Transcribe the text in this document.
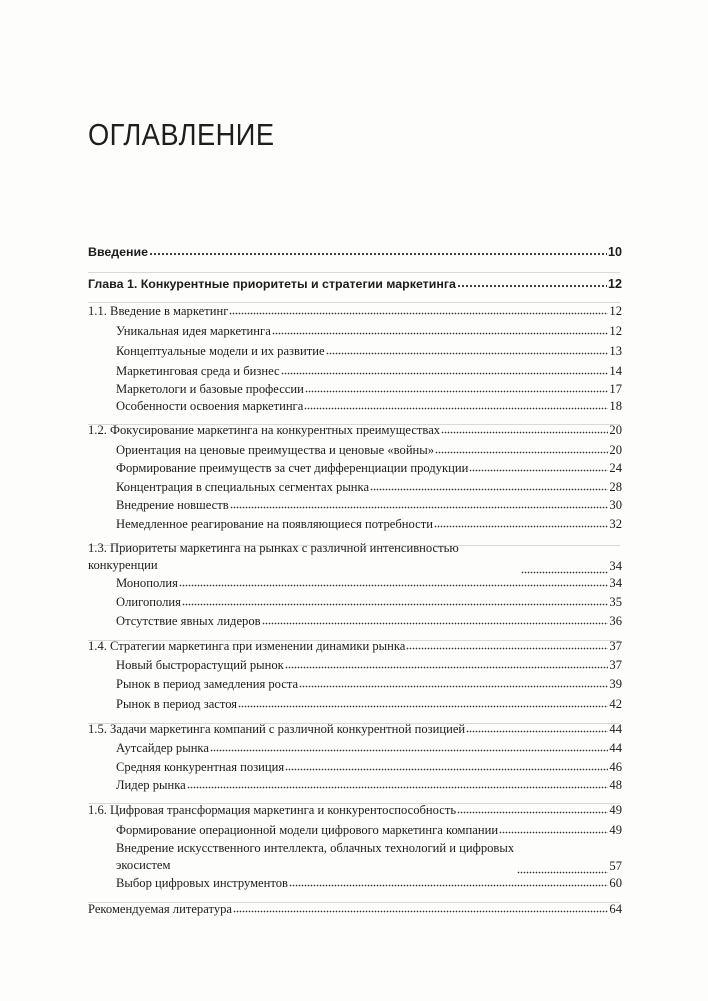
ОГЛАВЛЕНИЕ
Введение	10
Глава 1. Конкурентные приоритеты и стратегии маркетинга	12
1.1. Введение в маркетинг	12
Уникальная идея маркетинга	12
Концептуальные модели и их развитие	13
Маркетинговая среда и бизнес	14
Маркетологи и базовые профессии	17
Особенности освоения маркетинга	18
1.2. Фокусирование маркетинга на конкурентных преимуществах	20
Ориентация на ценовые преимущества и ценовые «войны»	20
Формирование преимуществ за счет дифференциации продукции	24
Концентрация в специальных сегментах рынка	28
Внедрение новшеств	30
Немедленное реагирование на появляющиеся потребности	32
1.3. Приоритеты маркетинга на рынках с различной интенсивностью конкуренции	34
Монополия	34
Олигополия	35
Отсутствие явных лидеров	36
1.4. Стратегии маркетинга при изменении динамики рынка	37
Новый быстрорастущий рынок	37
Рынок в период замедления роста	39
Рынок в период застоя	42
1.5. Задачи маркетинга компаний с различной конкурентной позицией	44
Аутсайдер рынка	44
Средняя конкурентная позиция	46
Лидер рынка	48
1.6. Цифровая трансформация маркетинга и конкурентоспособность	49
Формирование операционной модели цифрового маркетинга компании	49
Внедрение искусственного интеллекта, облачных технологий и цифровых экосистем	57
Выбор цифровых инструментов	60
Рекомендуемая литература	64
